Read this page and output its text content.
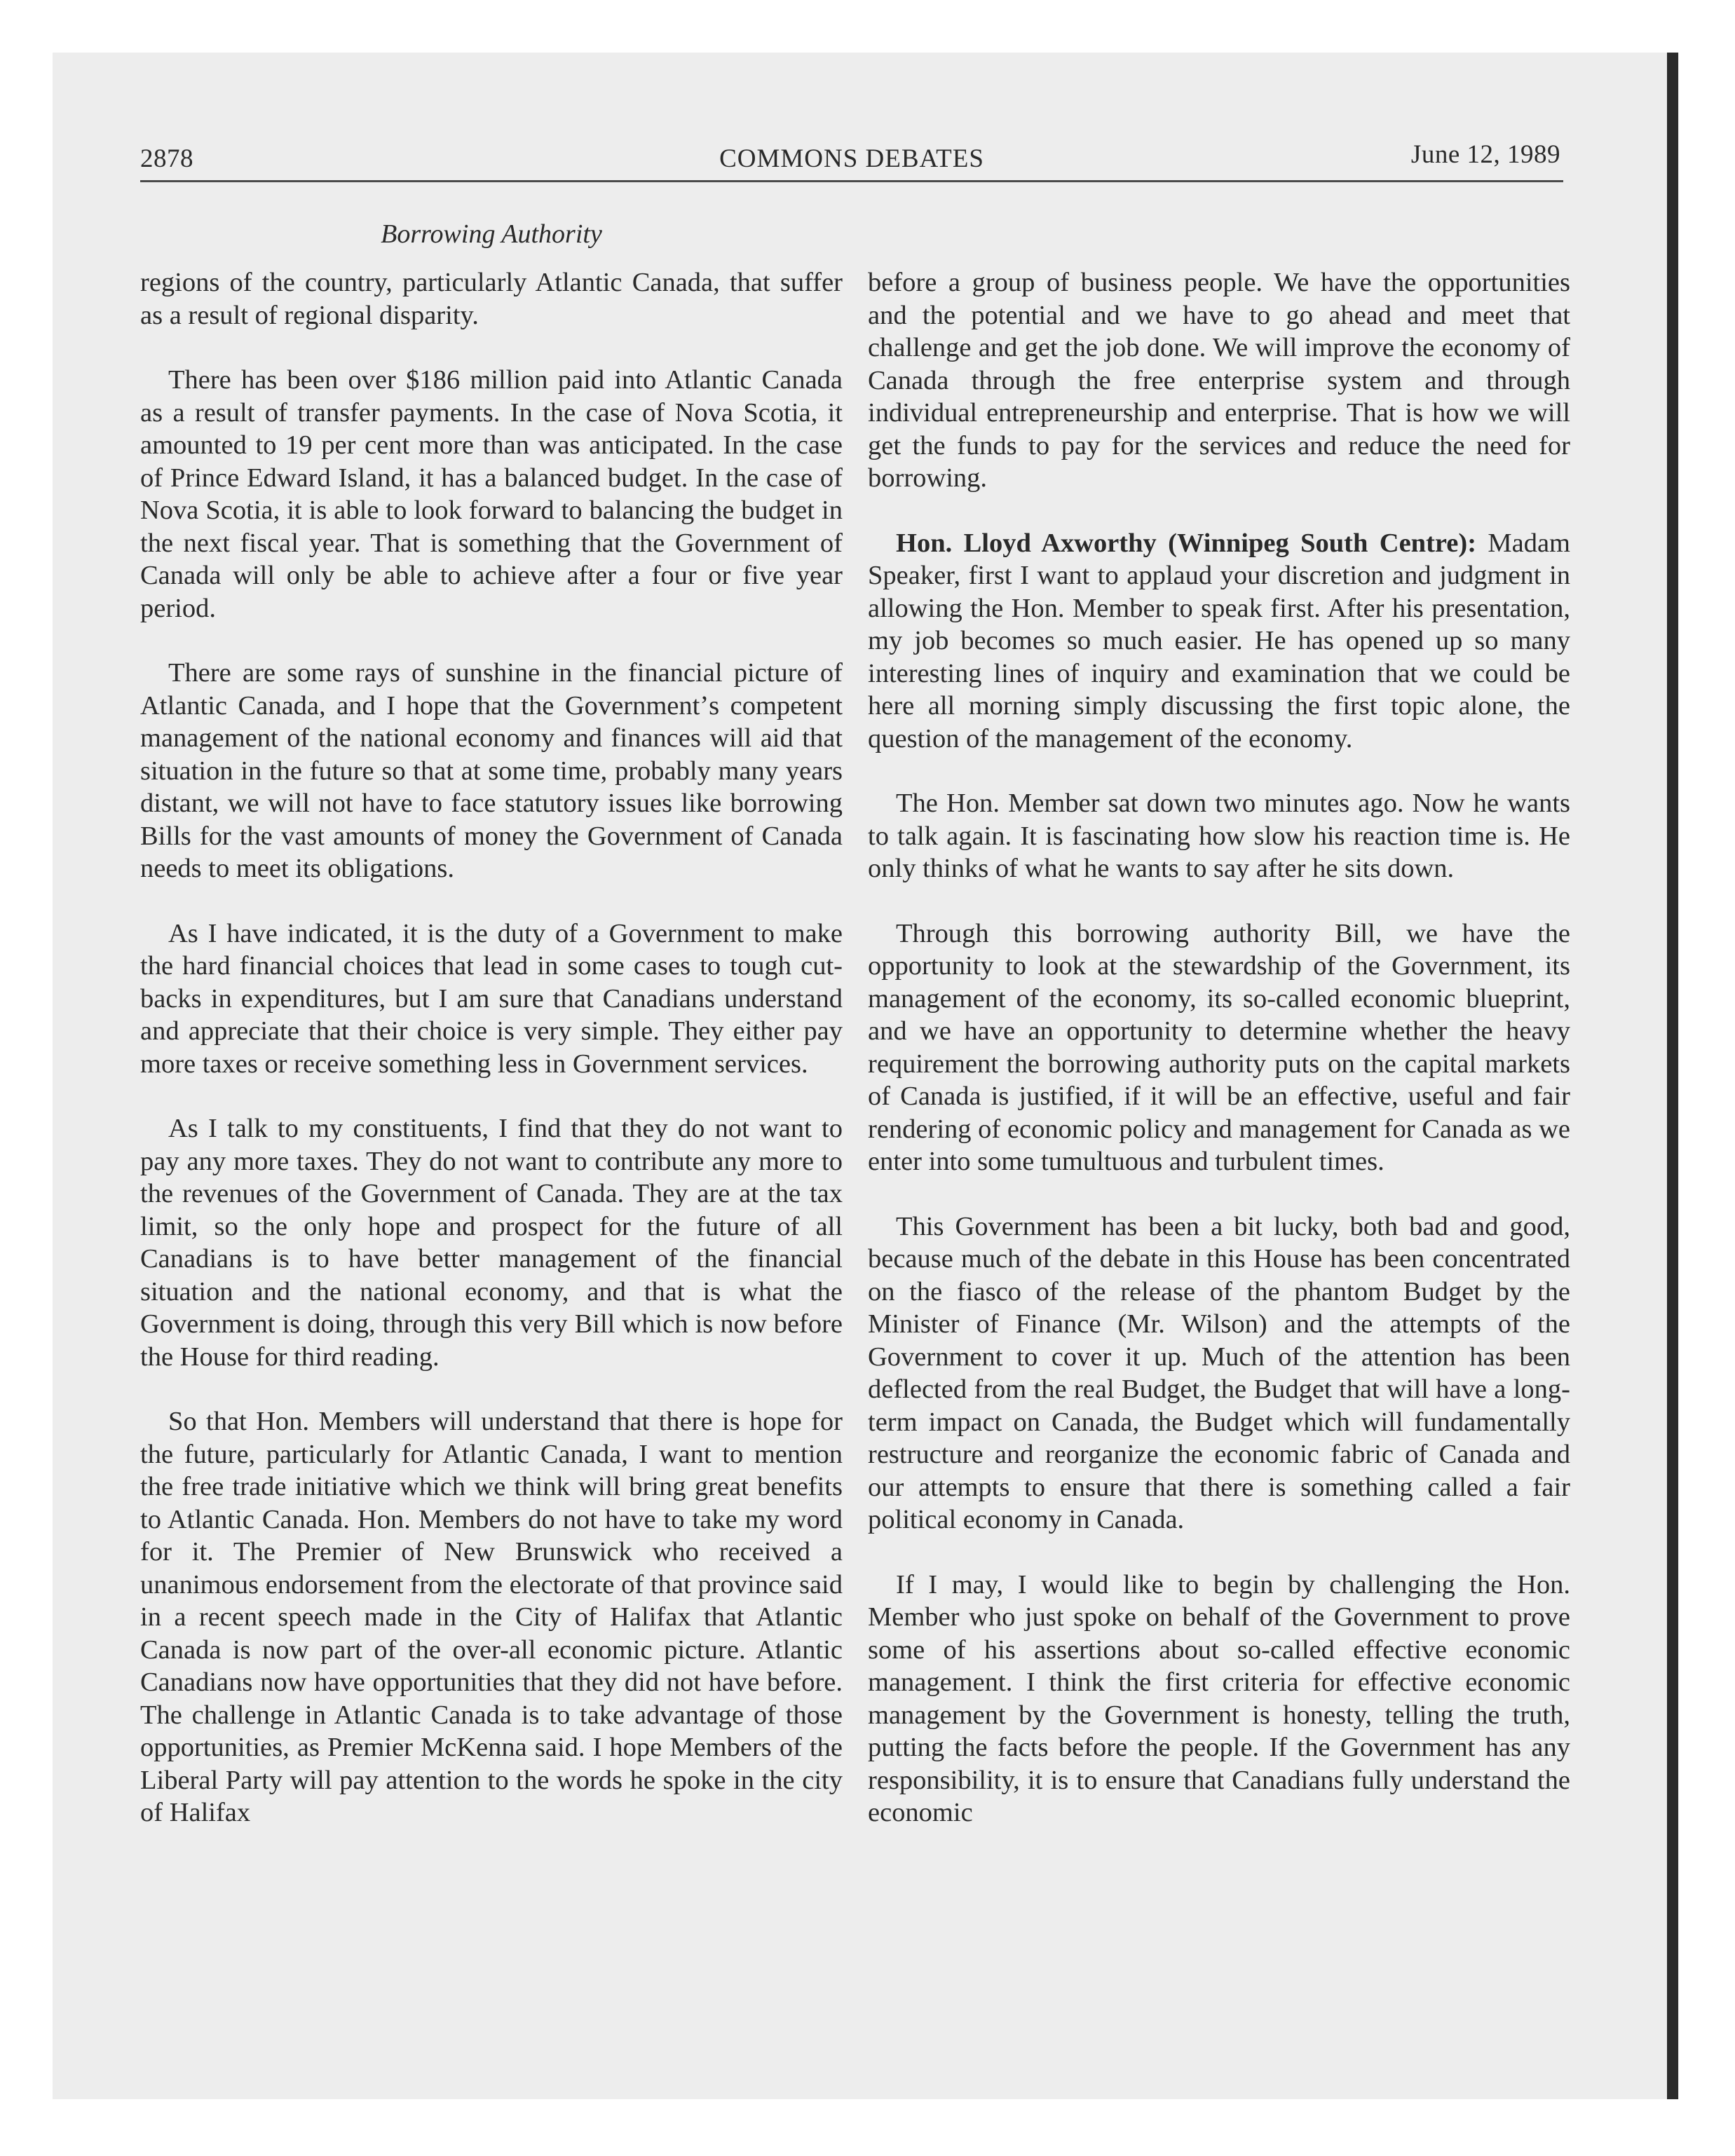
2878	COMMONS DEBATES	June 12, 1989
Borrowing Authority

regions of the country, particularly Atlantic Canada, that suffer as a result of regional disparity.

There has been over $186 million paid into Atlantic Canada as a result of transfer payments. In the case of Nova Scotia, it amounted to 19 per cent more than was anticipated. In the case of Prince Edward Island, it has a balanced budget. In the case of Nova Scotia, it is able to look forward to balancing the budget in the next fiscal year. That is something that the Government of Canada will only be able to achieve after a four or five year period.

There are some rays of sunshine in the financial picture of Atlantic Canada, and I hope that the Governmentʼs competent management of the national economy and finances will aid that situation in the future so that at some time, probably many years distant, we will not have to face statutory issues like borrowing Bills for the vast amounts of money the Government of Canada needs to meet its obligations.

As I have indicated, it is the duty of a Government to make the hard financial choices that lead in some cases to tough cut-backs in expenditures, but I am sure that Canadians understand and appreciate that their choice is very simple. They either pay more taxes or receive something less in Government services.

As I talk to my constituents, I find that they do not want to pay any more taxes. They do not want to contribute any more to the revenues of the Government of Canada. They are at the tax limit, so the only hope and prospect for the future of all Canadians is to have better management of the financial situation and the national economy, and that is what the Government is doing, through this very Bill which is now before the House for third reading.

So that Hon. Members will understand that there is hope for the future, particularly for Atlantic Canada, I want to mention the free trade initiative which we think will bring great benefits to Atlantic Canada. Hon. Members do not have to take my word for it. The Premier of New Brunswick who received a unanimous endorsement from the electorate of that province said in a recent speech made in the City of Halifax that Atlantic Canada is now part of the over-all economic picture. Atlantic Canadians now have opportunities that they did not have before. The challenge in Atlantic Canada is to take advantage of those opportunities, as Premier McKenna said. I hope Members of the Liberal Party will pay attention to the words he spoke in the city of Halifax

before a group of business people. We have the opportunities and the potential and we have to go ahead and meet that challenge and get the job done. We will improve the economy of Canada through the free enterprise system and through individual entrepreneurship and enterprise. That is how we will get the funds to pay for the services and reduce the need for borrowing.

Hon. Lloyd Axworthy (Winnipeg South Centre): Madam Speaker, first I want to applaud your discretion and judgment in allowing the Hon. Member to speak first. After his presentation, my job becomes so much easier. He has opened up so many interesting lines of inquiry and examination that we could be here all morning simply discussing the first topic alone, the question of the management of the economy.

The Hon. Member sat down two minutes ago. Now he wants to talk again. It is fascinating how slow his reaction time is. He only thinks of what he wants to say after he sits down.

Through this borrowing authority Bill, we have the opportunity to look at the stewardship of the Government, its management of the economy, its so-called economic blueprint, and we have an opportunity to determine whether the heavy requirement the borrowing authority puts on the capital markets of Canada is justified, if it will be an effective, useful and fair rendering of economic policy and management for Canada as we enter into some tumultuous and turbulent times.

This Government has been a bit lucky, both bad and good, because much of the debate in this House has been concentrated on the fiasco of the release of the phantom Budget by the Minister of Finance (Mr. Wilson) and the attempts of the Government to cover it up. Much of the attention has been deflected from the real Budget, the Budget that will have a long-term impact on Canada, the Budget which will fundamentally restructure and reorganize the economic fabric of Canada and our attempts to ensure that there is something called a fair political economy in Canada.

If I may, I would like to begin by challenging the Hon. Member who just spoke on behalf of the Government to prove some of his assertions about so-called effective economic management. I think the first criteria for effective economic management by the Government is honesty, telling the truth, putting the facts before the people. If the Government has any responsibility, it is to ensure that Canadians fully understand the economic
